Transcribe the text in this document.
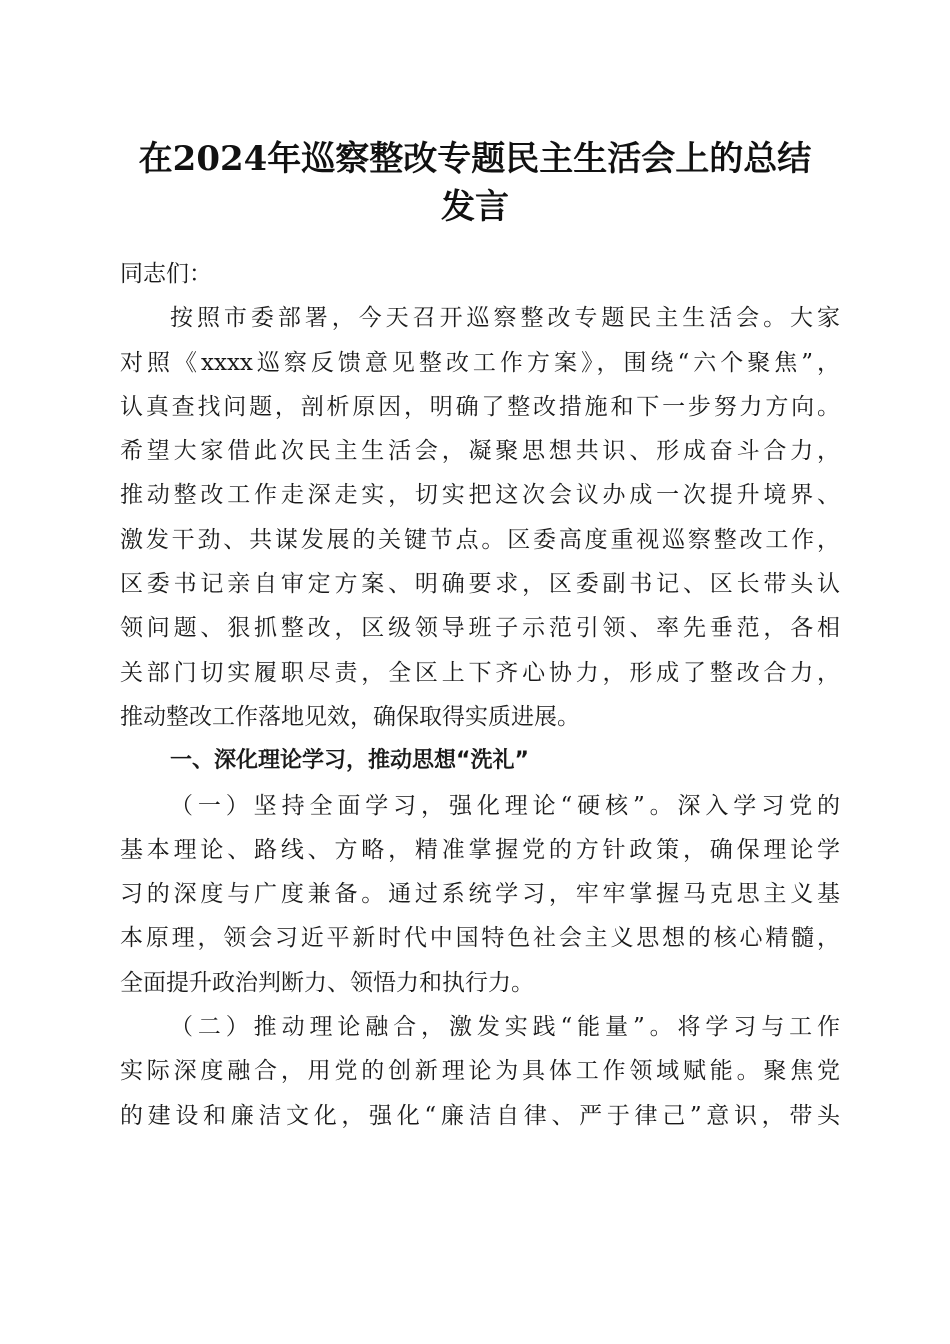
在2024年巡察整改专题民主生活会上的总结
发言
同志们：
按照市委部署，今天召开巡察整改专题民主生活会。大家
对照《xxxx巡察反馈意见整改工作方案》，围绕“六个聚焦”，
认真查找问题，剖析原因，明确了整改措施和下一步努力方向。
希望大家借此次民主生活会，凝聚思想共识、形成奋斗合力，
推动整改工作走深走实，切实把这次会议办成一次提升境界、
激发干劲、共谋发展的关键节点。区委高度重视巡察整改工作，
区委书记亲自审定方案、明确要求，区委副书记、区长带头认
领问题、狠抓整改，区级领导班子示范引领、率先垂范，各相
关部门切实履职尽责，全区上下齐心协力，形成了整改合力，
推动整改工作落地见效，确保取得实质进展。
一、深化理论学习，推动思想“洗礼”
（一）坚持全面学习，强化理论“硬核”。深入学习党的
基本理论、路线、方略，精准掌握党的方针政策，确保理论学
习的深度与广度兼备。通过系统学习，牢牢掌握马克思主义基
本原理，领会习近平新时代中国特色社会主义思想的核心精髓，
全面提升政治判断力、领悟力和执行力。
（二）推动理论融合，激发实践“能量”。将学习与工作
实际深度融合，用党的创新理论为具体工作领域赋能。聚焦党
的建设和廉洁文化，强化“廉洁自律、严于律己”意识，带头
